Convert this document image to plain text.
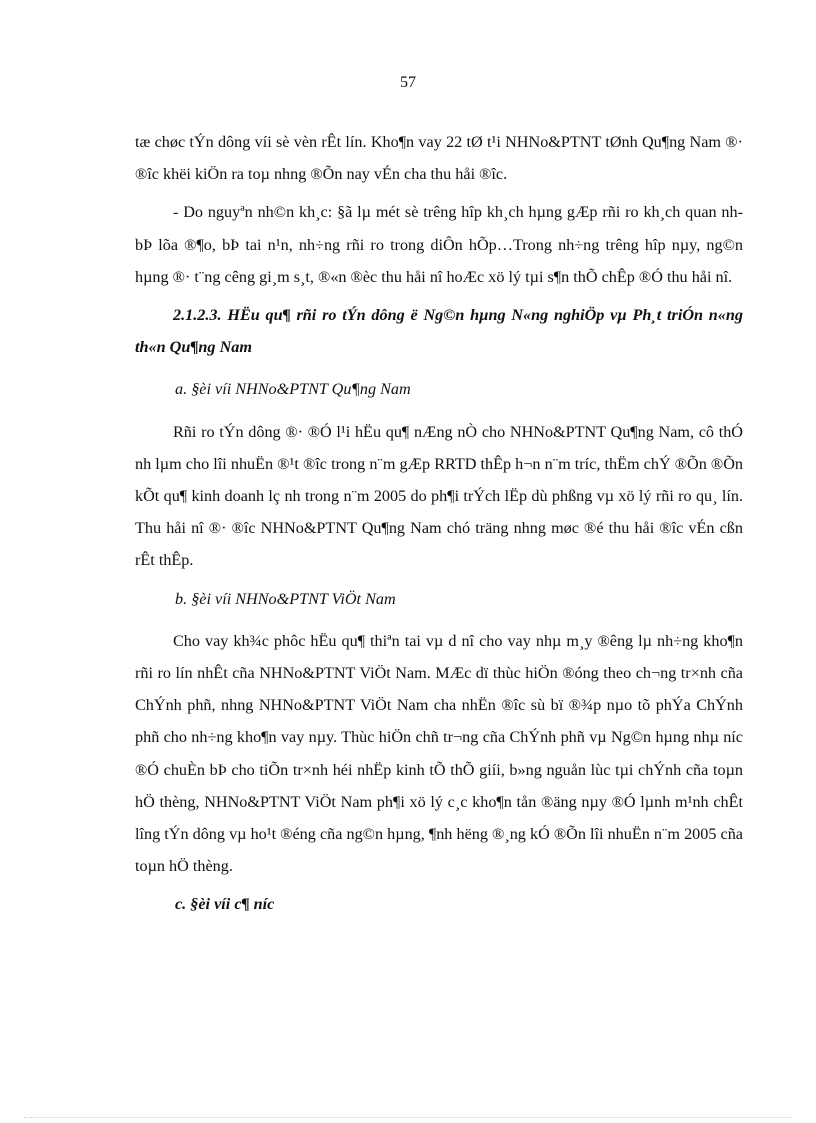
57

tæ chøc tÝn dông víi sè vèn rÊt lín. Kho¶n vay 22 tØ t¹i NHNo&PTNT tØnh Qu¶ng Nam ®· ®îc khëi kiÖn ra toµ nhng ®Õn nay vÉn cha thu håi ®îc.

- Do nguyªn nh©n kh¸c: §ã lµ mét sè trêng hîp kh¸ch hµng gÆp rñi ro kh¸ch quan nh bÞ lõa ®¶o, bÞ tai n¹n, nh÷ng rñi ro trong diÔn hÕp…Trong nh÷ng trêng hîp nµy, ng©n hµng ®· t¨ng cêng gi¸m s¸t, ®«n ®èc thu håi nî hoÆc xö lý tµi s¶n thÕ chÊp ®Ó thu håi nî.

2.1.2.3. HËu qu¶ rñi ro tÝn dông ë Ng©n hµng N«ng nghiÖp vµ Ph¸t triÓn n«ng th«n Qu¶ng Nam

a. §èi víi NHNo&PTNT Qu¶ng Nam

Rñi ro tÝn dông ®· ®Ó l¹i hËu qu¶ nÆng nÒ cho NHNo&PTNT Qu¶ng Nam, cô thÓ nh lµm cho lîi nhuËn ®¹t ®îc trong n¨m gÆp RRTD thÊp h¬n n¨m tríc, thËm chÝ ®Õn ®Õn kÕt qu¶ kinh doanh lç nh trong n¨m 2005 do ph¶i trÝch lËp dù phßng vµ xö lý rñi ro qu¸ lín. Thu håi nî ®· ®îc NHNo&PTNT Qu¶ng Nam chó träng nhng møc ®é thu håi ®îc vÉn cßn rÊt thÊp.

b. §èi víi NHNo&PTNT ViÖt Nam

Cho vay kh¾c phôc hËu qu¶ thiªn tai vµ d nî cho vay nhµ m¸y ®êng lµ nh÷ng kho¶n rñi ro lín nhÊt cña NHNo&PTNT ViÖt Nam. MÆc dï thùc hiÖn ®óng theo ch¬ng tr×nh cña ChÝnh phñ, nhng NHNo&PTNT ViÖt Nam cha nhËn ®îc sù bï ®¾p nµo tõ phÝa ChÝnh phñ cho nh÷ng kho¶n vay nµy. Thùc hiÖn chñ tr¬ng cña ChÝnh phñ vµ Ng©n hµng nhµ níc ®Ó chuÈn bÞ cho tiÕn tr×nh héi nhËp kinh tÕ thÕ giíi, b»ng nguån lùc tµi chÝnh cña toµn hÖ thèng, NHNo&PTNT ViÖt Nam ph¶i xö lý c¸c kho¶n tån ®äng nµy ®Ó lµnh m¹nh chÊt lîng tÝn dông vµ ho¹t ®éng cña ng©n hµng, ¶nh hëng ®¸ng kÓ ®Õn lîi nhuËn n¨m 2005 cña toµn hÖ thèng.

c. §èi víi c¶ níc
